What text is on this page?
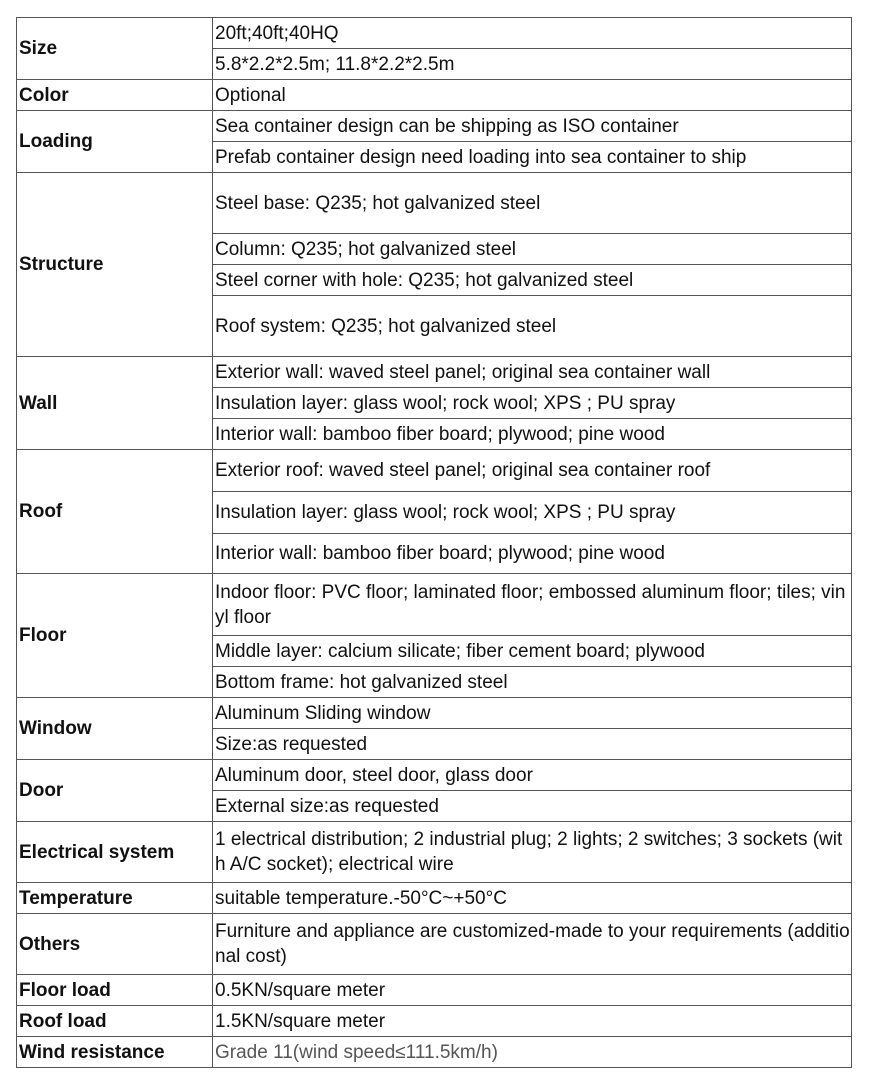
Size	20ft;40ft;40HQ
	5.8*2.2*2.5m; 11.8*2.2*2.5m
Color	Optional
Loading	Sea container design can be shipping as ISO container
	Prefab container design need loading into sea container to ship
Structure	Steel base: Q235; hot galvanized steel
	Column: Q235; hot galvanized steel
	Steel corner with hole: Q235; hot galvanized steel
	Roof system: Q235; hot galvanized steel
Wall	Exterior wall: waved steel panel; original sea container wall
	Insulation layer: glass wool; rock wool; XPS ; PU spray
	Interior wall: bamboo fiber board; plywood; pine wood
Roof	Exterior roof: waved steel panel; original sea container roof
	Insulation layer: glass wool; rock wool; XPS ; PU spray
	Interior wall: bamboo fiber board; plywood; pine wood
Floor	Indoor floor: PVC floor; laminated floor; embossed aluminum floor; tiles; vinyl floor
	Middle layer: calcium silicate; fiber cement board; plywood
	Bottom frame: hot galvanized steel
Window	Aluminum Sliding window
	Size:as requested
Door	Aluminum door, steel door, glass door
	External size:as requested
Electrical system	1 electrical distribution; 2 industrial plug; 2 lights; 2 switches; 3 sockets (with A/C socket); electrical wire
Temperature	suitable temperature.-50°C~+50°C
Others	Furniture and appliance are customized-made to your requirements (additional cost)
Floor load	0.5KN/square meter
Roof load	1.5KN/square meter
Wind resistance	Grade 11(wind speed≤111.5km/h)
